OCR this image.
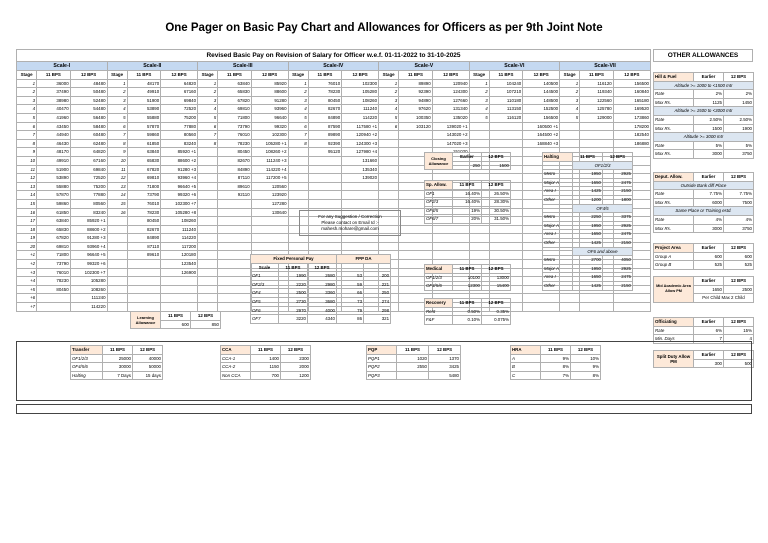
One Pager on Basic Pay Chart and Allowances for Officers as per 9th Joint Note
Revised Basic Pay on Revision of Salary for Officer w.e.f. 01-11-2022 to 31-10-2025																				
Scale-I			Scale-II			Scale-III			Scale-IV			Scale-V			Scale-VI			Scale-VII		
Stage	11 BPS	12 BPS	Stage	11 BPS	12 BPS	Stage	11 BPS	12 BPS	Stage	11 BPS	12 BPS	Stage	11 BPS	12 BPS	Stage	11 BPS	12 BPS	Stage	11 BPS	12 BPS
1	36000	48480	1	48170	64820	1	63840	85920	1	76010	102300	1	89890	120940	1	104240	140500	1	116120	156500
2	37490	50480	2	49910	67160	2	65830	88600	2	78230	105280	2	92390	124300	2	107210	144500	2	119340	160840
3	38980	52480	3	51900	69840	3	67820	91280	3	80450	108260	3	94890	127660	3	110180	148500	3	122560	165180
4	40470	54480	4	53890	72520	4	69810	93960	4	82670	111240	4	97620	131340	4	113150	152500	4	125780	169520
5	41960	56480	5	55880	75200	5	71800	96640	5	84890	114220	5	100350	135020	5	116120	156500	5	129000	173860
6	43450	58480	6	57870	77880	6	73790	99320	6	87590	117580 +1	6	103120	139020 +1			160500 +1			178200
7	44940	60480	7	59860	80560	7	76010	102300	7	89890	120940 +2			143020 +2			164500 +2			182540
8	46430	62480	8	61850	83240	8	78230	105280 +1	8	92390	124300 +3			147020 +3			168840 +3			186880
9	48170	64820	9	63840	85920 +1		80450	108260 +2		95120	127980 +4			151020						
10	49910	67160	10	65830	88600 +2		82670	111240 +3			131660									
11	51900	69840	11	67820	91280 +3		84890	114220 +4			135340									
12	53890	72520	12	69810	93960 +4		87110	117200 +5			139020									
13	55880	75200	13	71800	96640 +5		89610	120560												
14	57870	77880	14	73790	99320 +6		92110	123920												
15	59860	80560	15	76010	102300 +7			127280												
16	61850	83240	16	78230	105280 +8			130640												
17	63840	85920 +1		80450	108260															
18	65830	88600 +2		82670	111240															
19	67820	91280 +3		84890	114220															
20	69810	93960 +4		87110	117200															
+1	71800	96640 +5		89610	120180															
+2	73790	99320 +6			123540															
+3	76010	102300 +7			126900															
+4	78230	105280																		
+5	80450	108260																		
+6		111240																		
+7		114220																		
OTHER ALLOWANCES
Hill & Fuel	Earlier	12 BPS
Altitude >= 1000 to <1500 mtr		
Rate	2%	2%
Max Rs.	1125	1450
Altitude >= 1500 to <3000 mtr		
Rate	2.50%	2.50%
Max Rs.	1500	1900
Altitude >= 3000 mtr		
Rate	5%	5%
Max Rs.	3000	3750
Deput. Allow.	Earlier	12 BPS
Outside Bank diff Place		
Rate	7.75%	7.75%
Max Rs.	6000	7500
Same Place or Training estd.		
Rate	4%	4%
Max Rs.	3000	3750
Project Area	Earlier	12 BPS
Group A	600	600
Group B	525	525
Mid Academic Area Allow PM	Earlier	12 BPS
	1650	2500
	Per Child Max 2 Child	
Officiating	Earlier	12 BPS
Rate	6%	15%
Min. Days	7	4
Split Duty Allow PM	Earlier	12 BPS
	300	500
Closing Allowance	Earlier	12 BPS
	250	1500
For any Suggestion / Correction
Please contact on Email Id :-
mahesh.mohare@gmail.com
Sp. Allow.	11 BPS	12 BPS
OF1	16.40%	26.50%
OF2/3	16.40%	28.30%
OF4/5	19%	30.50%
OF6/7	20%	31.50%
Medical	11 BPS	12 BPS
OF1/2/3	10100	13000
OF4/5/6	12300	15400
Recovery	11 BPS	12 BPS
Rent	0.50%	0.35%
F&F	0.10%	0.075%
Halting	11 BPS	12 BPS
	OF1/2/3	
Metro	1950	2925
Major A	1650	2475
Area I	1425	2150
Other	1200	1800
	OF4/5	
Metro	2250	3375
Major A	1950	2925
Area I	1650	2475
Other	1425	2150
	OF6 and above	
Metro	2700	4050
Major A	1950	2925
Area I	1650	2475
Other	1425	2150
Fixed Personal Pay			FPP DA	
Scale	11 BPS	12 BPS		
OF1	1990	2680	53	200
OF2/3	2220	2980	59	221
OF4	2500	3360	66	250
OF5	2730	3680	73	274
OF6	2970	4000	79	298
OF7	3220	4340	86	321
Learning Allowance	11 BPS	12 BPS
	600	850
Transfer	11 BPS	12 BPS
OF1/2/3	25000	40000
OF4/5/6	30000	50000
Halting	7 Days	15 days
CCA	11 BPS	12 BPS
CCA-1	1400	2300
CCA-2	1150	2000
Non CCA	700	1200
PQP	11 BPS	12 BPS
PQP1	1020	1370
PQP2	2550	3425
PQP3		5480
HRA	11 BPS	12 BPS
A	9%	10%
B	8%	9%
C	7%	8%
